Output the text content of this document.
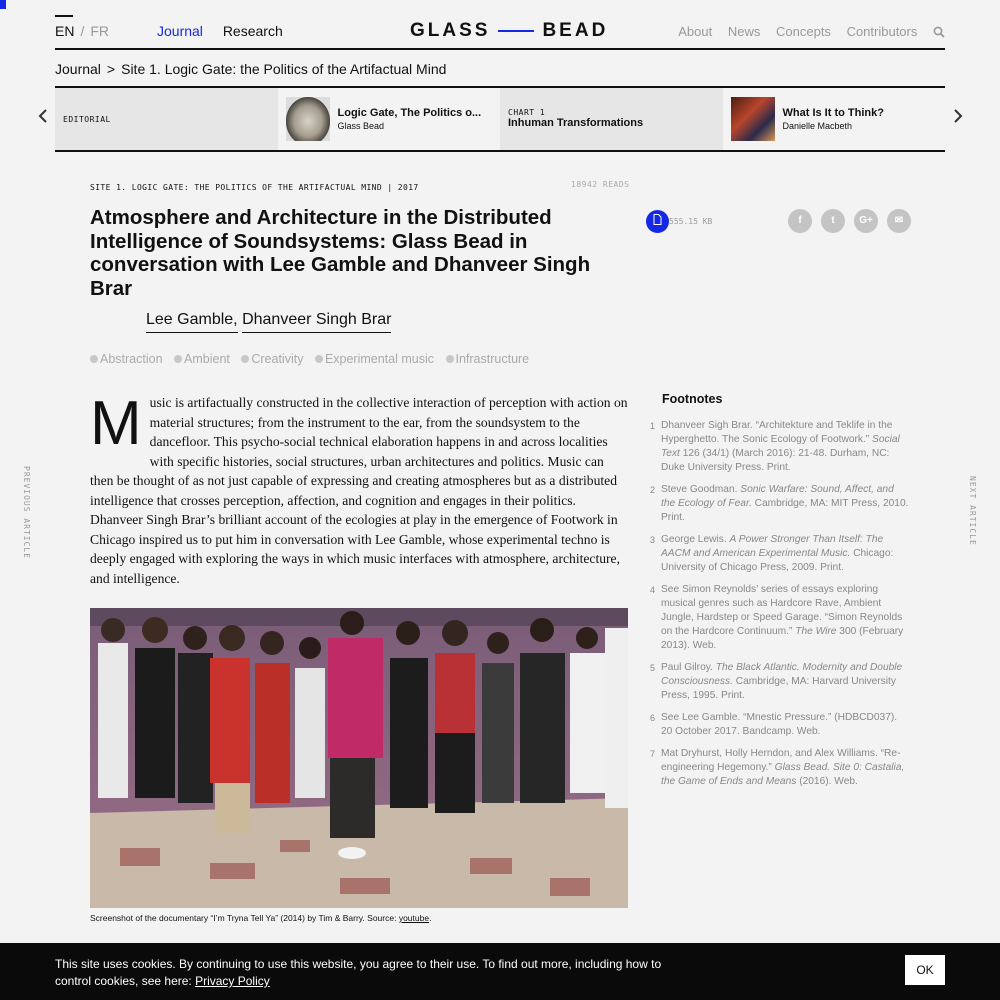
EN / FR	Journal Research	GLASS	BEAD	About News Concepts Contributors
Journal > Site 1. Logic Gate: the Politics of the Artifactual Mind
EDITORIAL
Logic Gate, The Politics o...
Glass Bead
CHART 1
Inhuman Transformations
What Is It to Think?
Danielle Macbeth
SITE 1. LOGIC GATE: THE POLITICS OF THE ARTIFACTUAL MIND | 2017	18942 READS
Atmosphere and Architecture in the Distributed Intelligence of Soundsystems: Glass Bead in conversation with Lee Gamble and Dhanveer Singh Brar
Lee Gamble, Dhanveer Singh Brar
Abstraction Ambient Creativity Experimental music Infrastructure
555.15 KB	f	t	G+	✉
Music is artifactually constructed in the collective interaction of perception with action on material structures; from the instrument to the ear, from the soundsystem to the dancefloor. This psycho-social technical elaboration happens in and across localities with specific histories, social structures, urban architectures and politics. Music can then be thought of as not just capable of expressing and creating atmospheres but as a distributed intelligence that crosses perception, affection, and cognition and engages in their politics. Dhanveer Singh Brar’s brilliant account of the ecologies at play in the emergence of Footwork in Chicago inspired us to put him in conversation with Lee Gamble, whose experimental techno is deeply engaged with exploring the ways in which music interfaces with atmosphere, architecture, and intelligence.
Screenshot of the documentary “I’m Tryna Tell Ya” (2014) by Tim & Barry. Source: youtube.
Footnotes
1 Dhanveer Sigh Brar. “Architekture and Teklife in the Hyperghetto. The Sonic Ecology of Footwork.” Social Text 126 (34/1) (March 2016): 21-48. Durham, NC: Duke University Press. Print.
2 Steve Goodman. Sonic Warfare: Sound, Affect, and the Ecology of Fear. Cambridge, MA: MIT Press, 2010. Print.
3 George Lewis. A Power Stronger Than Itself: The AACM and American Experimental Music. Chicago: University of Chicago Press, 2009. Print.
4 See Simon Reynolds’ series of essays exploring musical genres such as Hardcore Rave, Ambient Jungle, Hardstep or Speed Garage. “Simon Reynolds on the Hardcore Continuum.” The Wire 300 (February 2013). Web.
5 Paul Gilroy. The Black Atlantic. Modernity and Double Consciousness. Cambridge, MA: Harvard University Press, 1995. Print.
6 See Lee Gamble. “Mnestic Pressure.” (HDBCD037). 20 October 2017. Bandcamp. Web.
7 Mat Dryhurst, Holly Herndon, and Alex Williams. “Re-engineering Hegemony.” Glass Bead. Site 0: Castalia, the Game of Ends and Means (2016). Web.
PREVIOUS ARTICLE	NEXT ARTICLE
This site uses cookies. By continuing to use this website, you agree to their use. To find out more, including how to control cookies, see here: Privacy Policy
OK
